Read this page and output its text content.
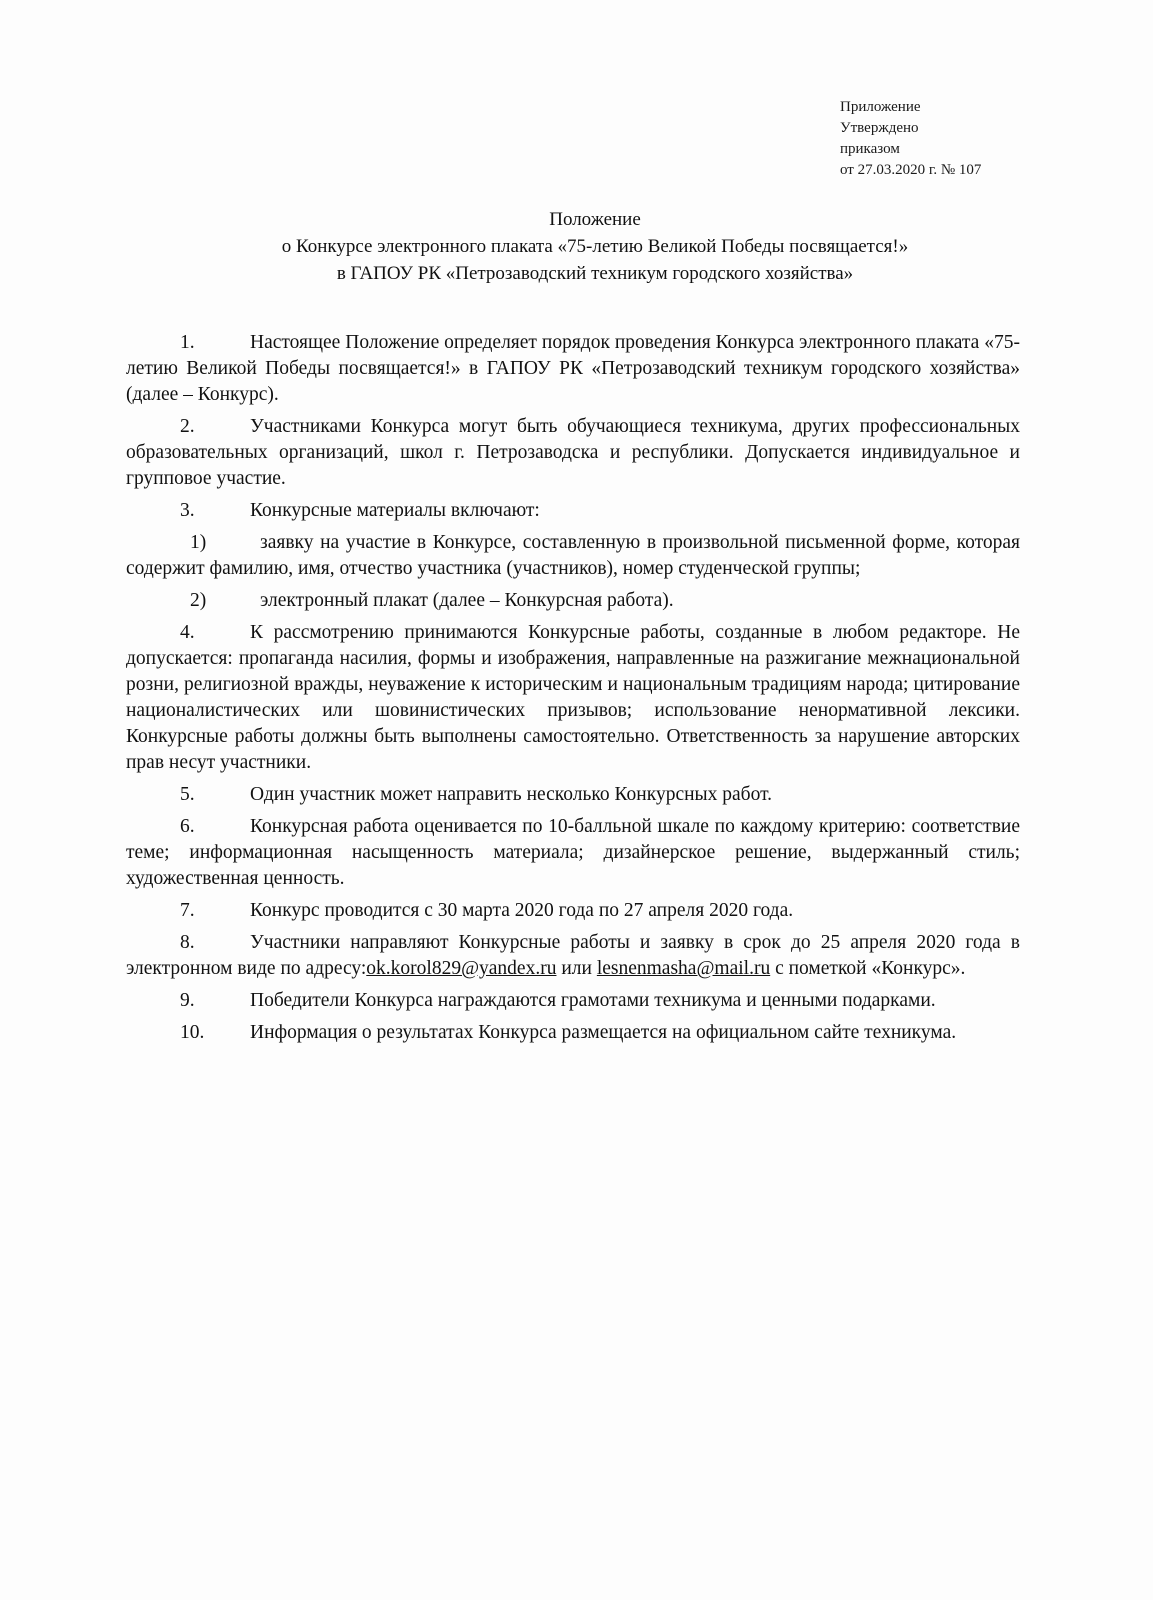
Приложение
Утверждено
приказом
от 27.03.2020 г. № 107
Положение
о Конкурсе электронного плаката «75-летию Великой Победы посвящается!»
в ГАПОУ РК «Петрозаводский техникум городского хозяйства»

1.	Настоящее Положение определяет порядок проведения Конкурса электронного плаката «75-летию Великой Победы посвящается!» в ГАПОУ РК «Петрозаводский техникум городского хозяйства» (далее – Конкурс).

2.	Участниками Конкурса могут быть обучающиеся техникума, других профессиональных образовательных организаций, школ г. Петрозаводска и республики. Допускается индивидуальное и групповое участие.

3.	Конкурсные материалы включают:

1)	заявку на участие в Конкурсе, составленную в произвольной письменной форме, которая содержит фамилию, имя, отчество участника (участников), номер студенческой группы;

2)	электронный плакат (далее – Конкурсная работа).

4.	К рассмотрению принимаются Конкурсные работы, созданные в любом редакторе. Не допускается: пропаганда насилия, формы и изображения, направленные на разжигание межнациональной розни, религиозной вражды, неуважение к историческим и национальным традициям народа; цитирование националистических или шовинистических призывов; использование ненормативной лексики. Конкурсные работы должны быть выполнены самостоятельно. Ответственность за нарушение авторских прав несут участники.

5.	Один участник может направить несколько Конкурсных работ.

6.	Конкурсная работа оценивается по 10-балльной шкале по каждому критерию: соответствие теме; информационная насыщенность материала; дизайнерское решение, выдержанный стиль; художественная ценность.

7.	Конкурс проводится с 30 марта 2020 года по 27 апреля 2020 года.

8.	Участники направляют Конкурсные работы и заявку в срок до 25 апреля 2020 года в электронном виде по адресу:ok.korol829@yandex.ru или lesnenmasha@mail.ru с пометкой «Конкурс».

9.	Победители Конкурса награждаются грамотами техникума и ценными подарками.

10. Информация о результатах Конкурса размещается на официальном сайте техникума.
